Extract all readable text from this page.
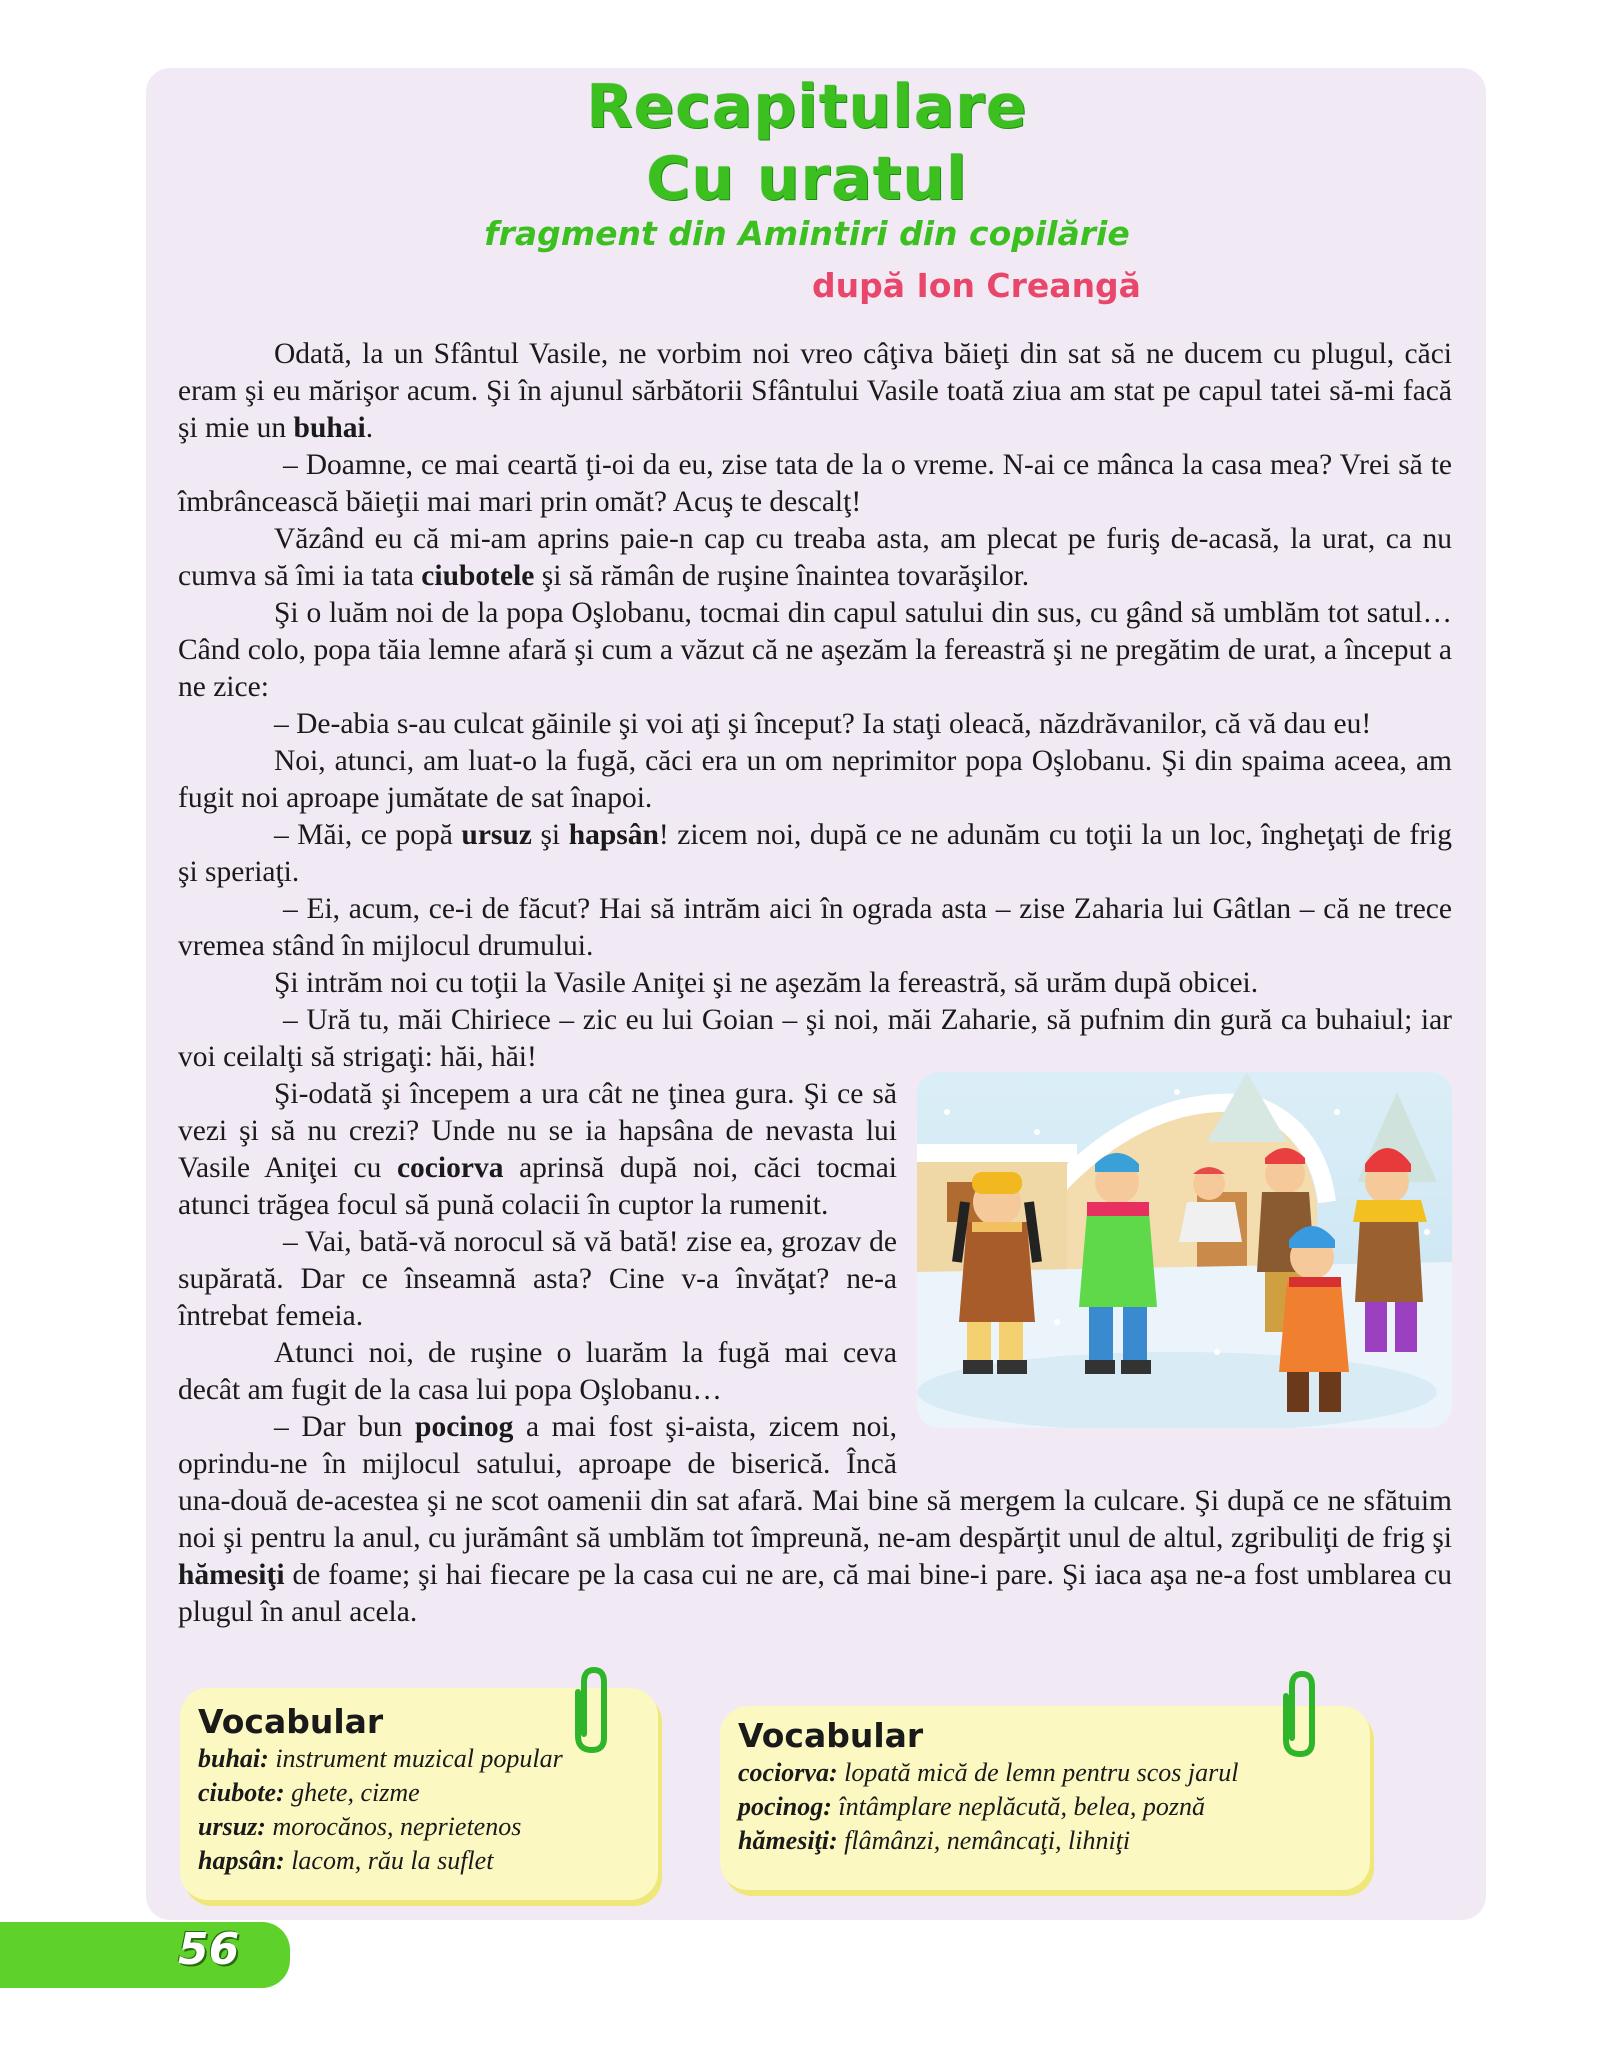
Recapitulare
Cu uratul
fragment din Amintiri din copilărie
după Ion Creangă

Odată, la un Sfântul Vasile, ne vorbim noi vreo câţiva băieţi din sat să ne ducem cu plugul, căci eram şi eu mărişor acum. Şi în ajunul sărbătorii Sfântului Vasile toată ziua am stat pe capul tatei să-mi facă şi mie un buhai.

– Doamne, ce mai ceartă ţi-oi da eu, zise tata de la o vreme. N-ai ce mânca la casa mea? Vrei să te îmbrâncească băieţii mai mari prin omăt? Acuş te descalţ!

Văzând eu că mi-am aprins paie-n cap cu treaba asta, am plecat pe furiş de-acasă, la urat, ca nu cumva să îmi ia tata ciubotele şi să rămân de ruşine înaintea tovarăşilor.

Şi o luăm noi de la popa Oşlobanu, tocmai din capul satului din sus, cu gând să umblăm tot satul… Când colo, popa tăia lemne afară şi cum a văzut că ne aşezăm la fereastră şi ne pregătim de urat, a început a ne zice:

– De-abia s-au culcat găinile şi voi aţi şi început? Ia staţi oleacă, năzdrăvanilor, că vă dau eu!

Noi, atunci, am luat-o la fugă, căci era un om neprimitor popa Oşlobanu. Şi din spaima aceea, am fugit noi aproape jumătate de sat înapoi.

– Măi, ce popă ursuz şi hapsân! zicem noi, după ce ne adunăm cu toţii la un loc, îngheţaţi de frig şi speriaţi.

– Ei, acum, ce-i de făcut? Hai să intrăm aici în ograda asta – zise Zaharia lui Gâtlan – că ne trece vremea stând în mijlocul drumului.

Şi intrăm noi cu toţii la Vasile Aniţei şi ne aşezăm la fereastră, să urăm după obicei.

– Ură tu, măi Chiriece – zic eu lui Goian – şi noi, măi Zaharie, să pufnim din gură ca buhaiul; iar voi ceilalţi să strigaţi: hăi, hăi!

Şi-odată şi începem a ura cât ne ţinea gura. Şi ce să vezi şi să nu crezi? Unde nu se ia hapsâna de nevasta lui Vasile Aniţei cu cociorva aprinsă după noi, căci tocmai atunci trăgea focul să pună colacii în cuptor la rumenit.

– Vai, bată-vă norocul să vă bată! zise ea, grozav de supărată. Dar ce înseamnă asta? Cine v-a învăţat? ne-a întrebat femeia.

Atunci noi, de ruşine o luarăm la fugă mai ceva decât am fugit de la casa lui popa Oşlobanu…

– Dar bun pocinog a mai fost şi-aista, zicem noi, oprindu-ne în mijlocul satului, aproape de biserică. Încă una-două de-acestea şi ne scot oamenii din sat afară. Mai bine să mergem la culcare. Şi după ce ne sfătuim noi şi pentru la anul, cu jurământ să umblăm tot împreună, ne-am despărţit unul de altul, zgribuliţi de frig şi hămesiţi de foame; şi hai fiecare pe la casa cui ne are, că mai bine-i pare. Şi iaca aşa ne-a fost umblarea cu plugul în anul acela.

Vocabular
buhai: instrument muzical popular
ciubote: ghete, cizme
ursuz: morocănos, neprietenos
hapsân: lacom, rău la suflet
Vocabular
cociorva: lopată mică de lemn pentru scos jarul
pocinog: întâmplare neplăcută, belea, poznă
hămesiţi: flâmânzi, nemâncaţi, lihniţi
56
